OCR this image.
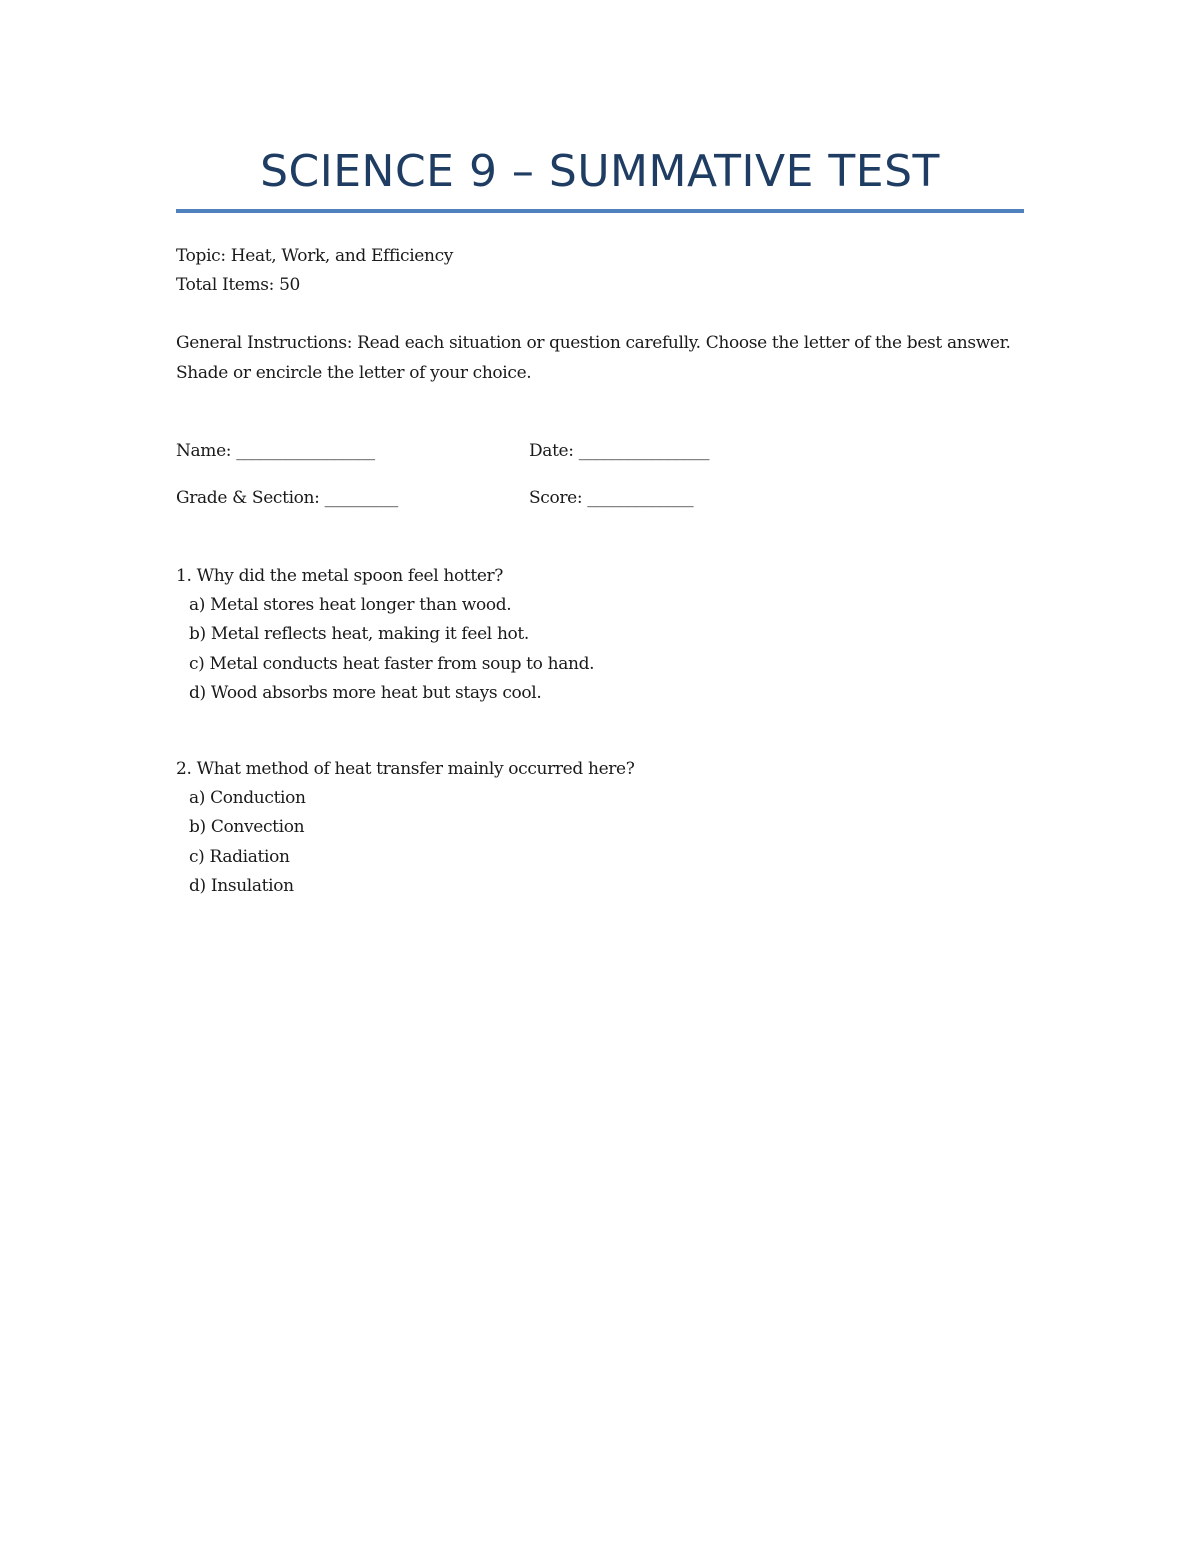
SCIENCE 9 – SUMMATIVE TEST

Topic: Heat, Work, and Efficiency

Total Items: 50

General Instructions: Read each situation or question carefully. Choose the letter of the best answer. Shade or encircle the letter of your choice.

Name: _________________	Date: ________________
Grade & Section: _________	Score: _____________
1. Why did the metal spoon feel hotter?
a) Metal stores heat longer than wood.
b) Metal reflects heat, making it feel hot.
c) Metal conducts heat faster from soup to hand.
d) Wood absorbs more heat but stays cool.
2. What method of heat transfer mainly occurred here?
a) Conduction
b) Convection
c) Radiation
d) Insulation
